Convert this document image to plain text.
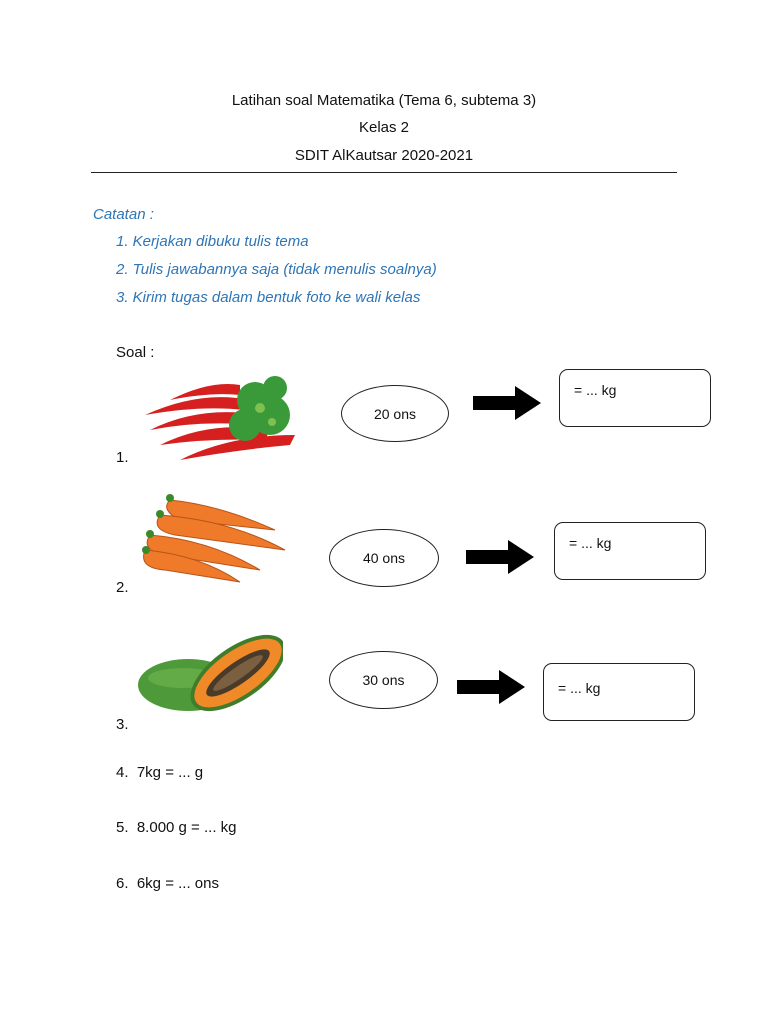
Latihan soal Matematika (Tema 6, subtema 3)
Kelas 2
SDIT AlKautsar 2020-2021
Catatan :
1. Kerjakan dibuku tulis tema
2. Tulis jawabannya saja (tidak menulis soalnya)
3. Kirim tugas dalam bentuk foto ke wali kelas
Soal :
1.
20 ons
= ... kg
2.
40 ons
= ... kg
3.
30 ons	= ... kg
4.  7kg = ... g
5.  8.000 g = ... kg
6.  6kg = ... ons
